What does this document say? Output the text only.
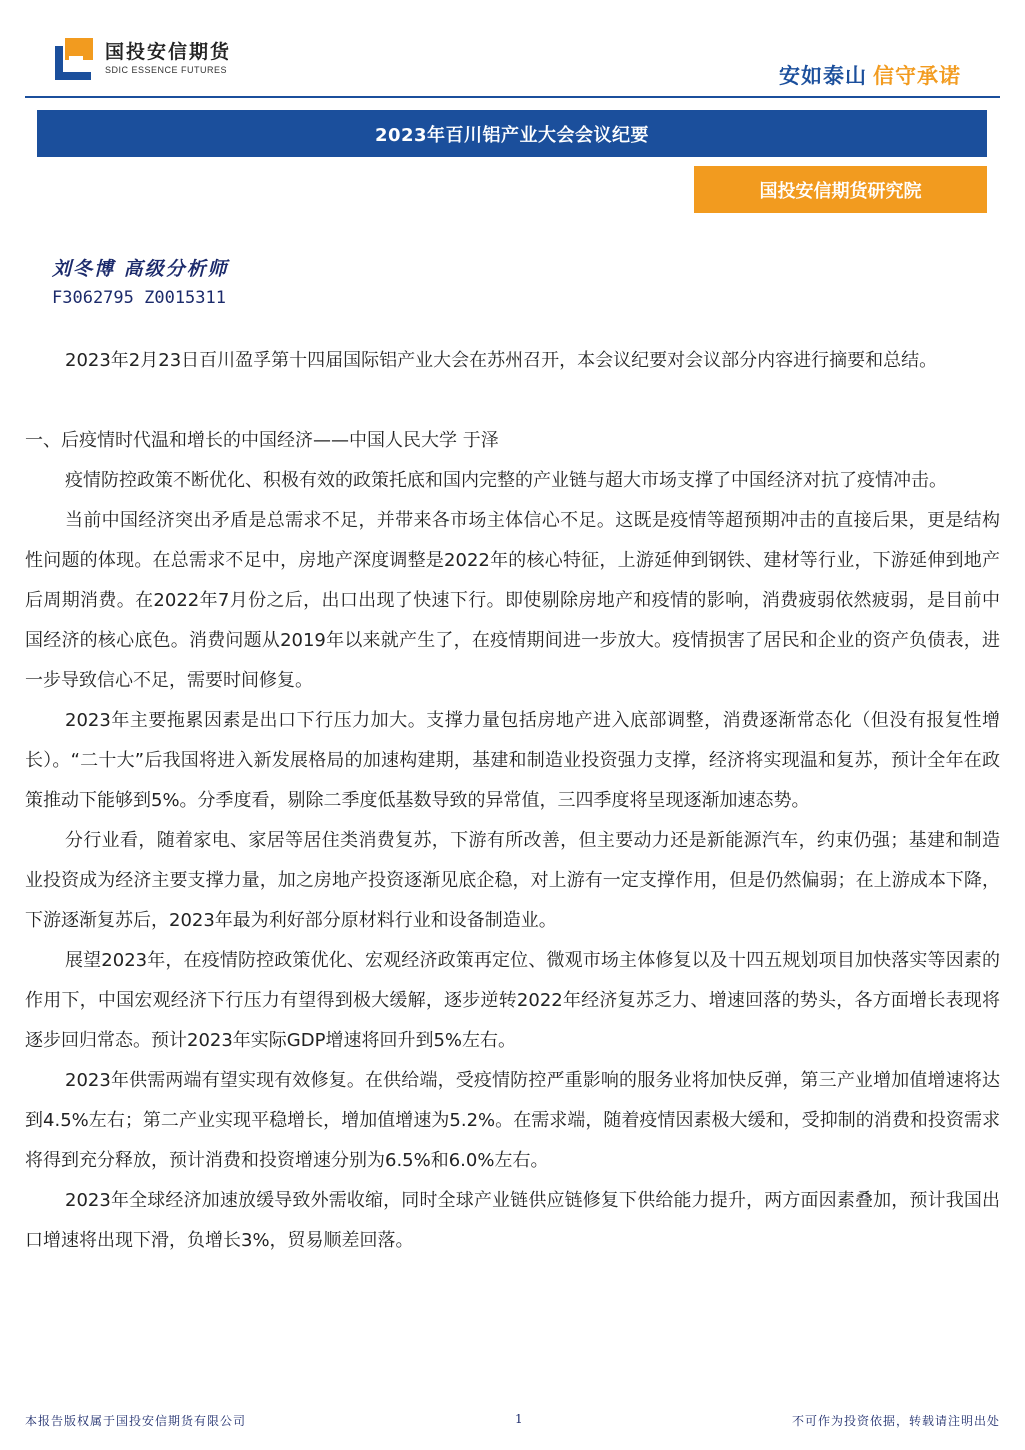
国投安信期货
SDIC ESSENCE FUTURES	安如泰山 信守承诺
2023年百川铝产业大会会议纪要
国投安信期货研究院
刘冬博 高级分析师
F3062795 Z0015311

2023年2月23日百川盈孚第十四届国际铝产业大会在苏州召开，本会议纪要对会议部分内容进行摘要和总结。

一、后疫情时代温和增长的中国经济——中国人民大学 于泽

疫情防控政策不断优化、积极有效的政策托底和国内完整的产业链与超大市场支撑了中国经济对抗了疫情冲击。

当前中国经济突出矛盾是总需求不足，并带来各市场主体信心不足。这既是疫情等超预期冲击的直接后果，更是结构性问题的体现。在总需求不足中，房地产深度调整是2022年的核心特征，上游延伸到钢铁、建材等行业，下游延伸到地产后周期消费。在2022年7月份之后，出口出现了快速下行。即使剔除房地产和疫情的影响，消费疲弱依然疲弱，是目前中国经济的核心底色。消费问题从2019年以来就产生了，在疫情期间进一步放大。疫情损害了居民和企业的资产负债表，进一步导致信心不足，需要时间修复。

2023年主要拖累因素是出口下行压力加大。支撑力量包括房地产进入底部调整，消费逐渐常态化（但没有报复性增长）。“二十大”后我国将进入新发展格局的加速构建期，基建和制造业投资强力支撑，经济将实现温和复苏，预计全年在政策推动下能够到5%。分季度看，剔除二季度低基数导致的异常值，三四季度将呈现逐渐加速态势。

分行业看，随着家电、家居等居住类消费复苏，下游有所改善，但主要动力还是新能源汽车，约束仍强；基建和制造业投资成为经济主要支撑力量，加之房地产投资逐渐见底企稳，对上游有一定支撑作用，但是仍然偏弱；在上游成本下降，下游逐渐复苏后，2023年最为利好部分原材料行业和设备制造业。

展望2023年，在疫情防控政策优化、宏观经济政策再定位、微观市场主体修复以及十四五规划项目加快落实等因素的作用下，中国宏观经济下行压力有望得到极大缓解，逐步逆转2022年经济复苏乏力、增速回落的势头，各方面增长表现将逐步回归常态。预计2023年实际GDP增速将回升到5%左右。

2023年供需两端有望实现有效修复。在供给端，受疫情防控严重影响的服务业将加快反弹，第三产业增加值增速将达到4.5%左右；第二产业实现平稳增长，增加值增速为5.2%。在需求端，随着疫情因素极大缓和，受抑制的消费和投资需求将得到充分释放，预计消费和投资增速分别为6.5%和6.0%左右。

2023年全球经济加速放缓导致外需收缩，同时全球产业链供应链修复下供给能力提升，两方面因素叠加，预计我国出口增速将出现下滑，负增长3%，贸易顺差回落。

本报告版权属于国投安信期货有限公司	1	不可作为投资依据，转载请注明出处
